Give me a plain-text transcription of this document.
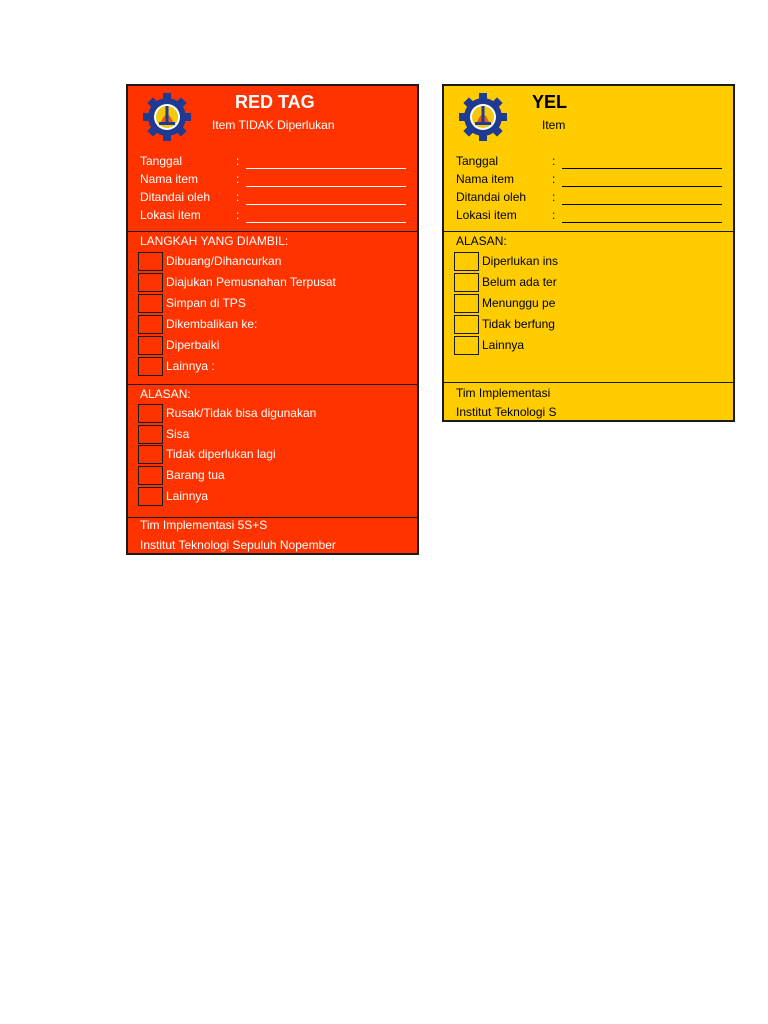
RED TAG
Item TIDAK Diperlukan
Tanggal	:
Nama item	:
Ditandai oleh :
Lokasi item	:
LANGKAH YANG DIAMBIL:
Dibuang/Dihancurkan
Diajukan Pemusnahan Terpusat
Simpan di TPS
Dikembalikan ke:
Diperbaiki
Lainnya :
ALASAN:
Rusak/Tidak bisa digunakan
Sisa
Tidak diperlukan lagi
Barang tua
Lainnya
Tim Implementasi 5S+S
Institut Teknologi Sepuluh Nopember
YEL
Item
Tanggal	:
Nama item	:
Ditandai oleh :
Lokasi item	:
ALASAN:
Diperlukan ins
Belum ada ter
Menunggu pe
Tidak berfung
Lainnya
Tim Implementasi
Institut Teknologi S
